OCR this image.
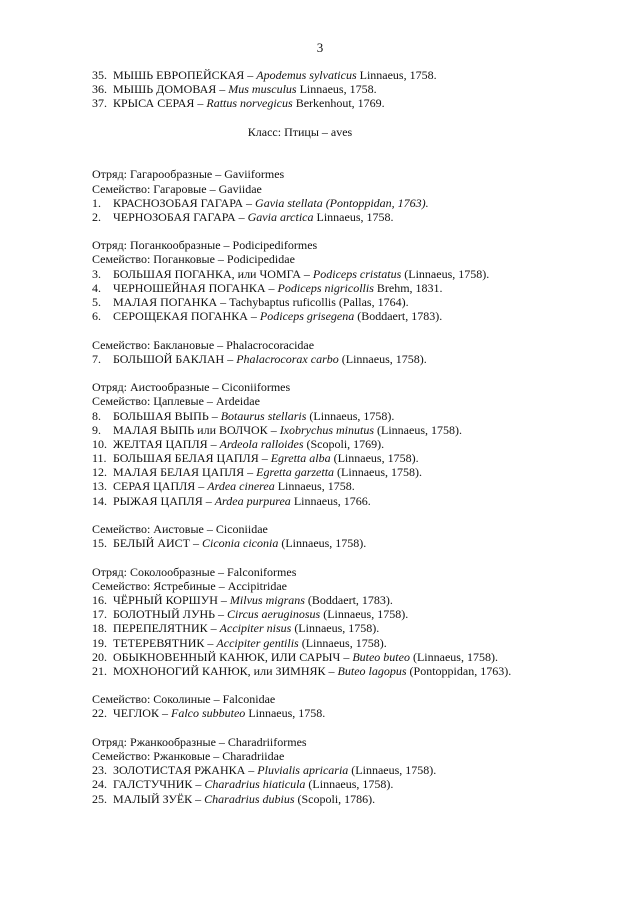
3
35. МЫШЬ ЕВРОПЕЙСКАЯ – Apodemus sylvaticus Linnaeus, 1758.
36. МЫШЬ ДОМОВАЯ – Mus musculus Linnaeus, 1758.
37. КРЫСА СЕРАЯ – Rattus norvegicus Berkenhout, 1769.
Класс: Птицы – aves
Отряд: Гагарообразные – Gaviiformes
Семейство: Гагаровые – Gaviidae
1. КРАСНОЗОБАЯ ГАГАРА – Gavia stellata (Pontoppidan, 1763).
2. ЧЕРНОЗОБАЯ ГАГАРА – Gavia arctica Linnaeus, 1758.
Отряд: Поганкообразные – Podicipediformes
Семейство: Поганковые – Podicipedidae
3. БОЛЬШАЯ ПОГАНКА, или ЧОМГА – Podiceps cristatus (Linnaeus, 1758).
4. ЧЕРНОШЕЙНАЯ ПОГАНКА – Podiceps nigricollis Brehm, 1831.
5. МАЛАЯ ПОГАНКА – Tachybaptus ruficollis (Pallas, 1764).
6. СЕРОЩЕКАЯ ПОГАНКА – Podiceps grisegena (Boddaert, 1783).
Семейство: Баклановые – Phalacrocoracidae
7. БОЛЬШОЙ БАКЛАН – Phalacrocorax carbo (Linnaeus, 1758).
Отряд: Аистообразные – Ciconiiformes
Семейство: Цаплевые – Ardeidae
8. БОЛЬШАЯ ВЫПЬ – Botaurus stellaris (Linnaeus, 1758).
9. МАЛАЯ ВЫПЬ или ВОЛЧОК – Ixobrychus minutus (Linnaeus, 1758).
10. ЖЕЛТАЯ ЦАПЛЯ – Ardeola ralloides (Scopoli, 1769).
11. БОЛЬШАЯ БЕЛАЯ ЦАПЛЯ – Egretta alba (Linnaeus, 1758).
12. МАЛАЯ БЕЛАЯ ЦАПЛЯ – Egretta garzetta (Linnaeus, 1758).
13. СЕРАЯ ЦАПЛЯ – Ardea cinerea Linnaeus, 1758.
14. РЫЖАЯ ЦАПЛЯ – Ardea purpurea Linnaeus, 1766.
Семейство: Аистовые – Ciconiidae
15. БЕЛЫЙ АИСТ – Ciconia ciconia (Linnaeus, 1758).
Отряд: Соколообразные – Falconiformes
Семейство: Ястребиные – Accipitridae
16. ЧЁРНЫЙ КОРШУН – Milvus migrans (Boddaert, 1783).
17. БОЛОТНЫЙ ЛУНЬ – Circus aeruginosus (Linnaeus, 1758).
18. ПЕРЕПЕЛЯТНИК – Accipiter nisus (Linnaeus, 1758).
19. ТЕТЕРЕВЯТНИК – Accipiter gentilis (Linnaeus, 1758).
20. ОБЫКНОВЕННЫЙ КАНЮК, ИЛИ САРЫЧ – Buteo buteo (Linnaeus, 1758).
21. МОХНОНОГИЙ КАНЮК, или ЗИМНЯК – Buteo lagopus (Pontoppidan, 1763).
Семейство: Соколиные – Falconidae
22. ЧЕГЛОК – Falco subbuteo Linnaeus, 1758.
Отряд: Ржанкообразные – Charadriiformes
Семейство: Ржанковые – Charadriidae
23. ЗОЛОТИСТАЯ РЖАНКА – Pluvialis apricaria (Linnaeus, 1758).
24. ГАЛСТУЧНИК – Charadrius hiaticula (Linnaeus, 1758).
25. МАЛЫЙ ЗУЁК – Charadrius dubius (Scopoli, 1786).
